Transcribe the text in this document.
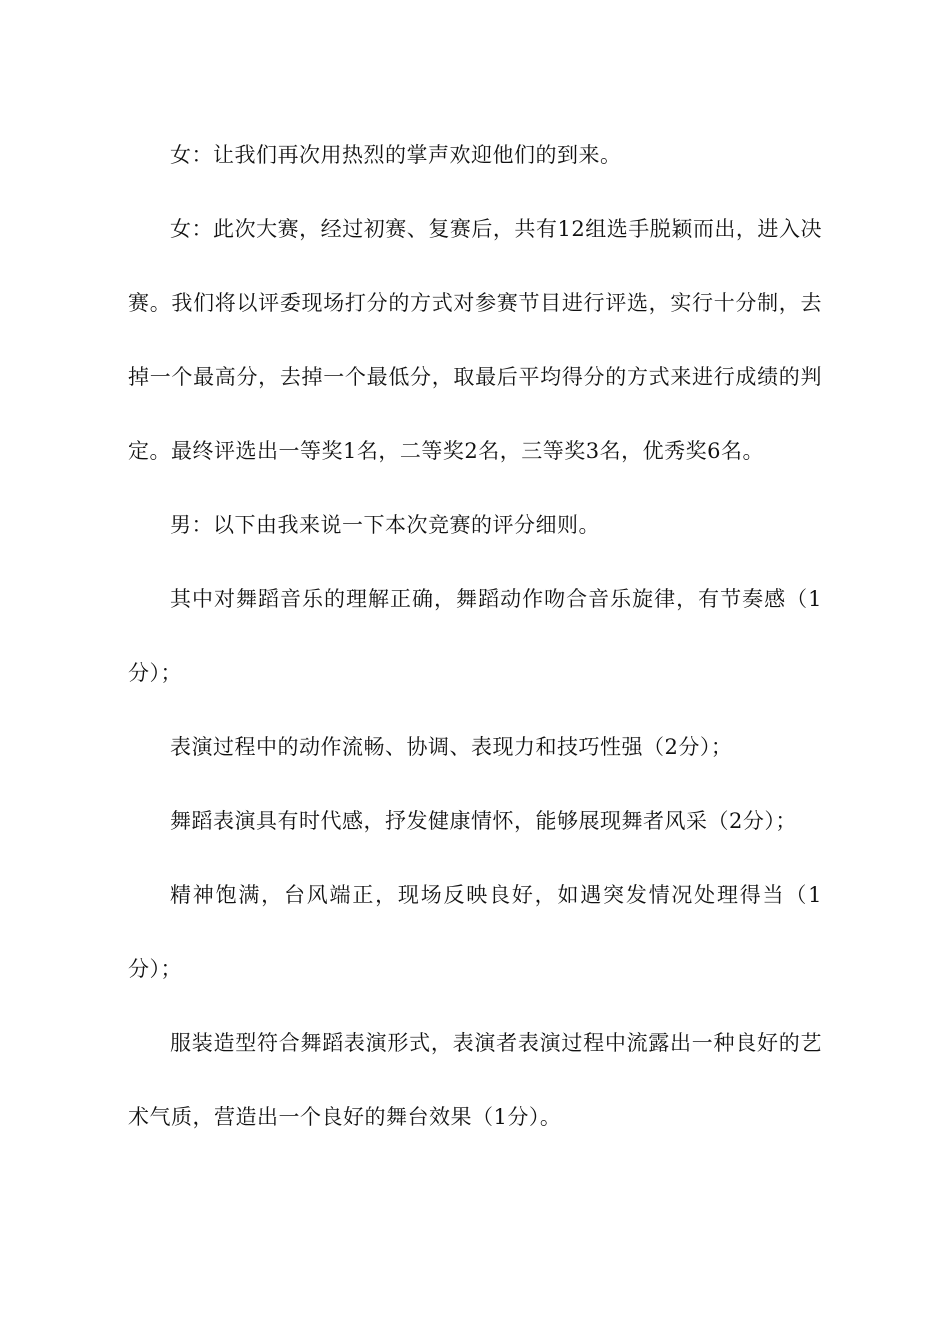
女：让我们再次用热烈的掌声欢迎他们的到来。

女：此次大赛，经过初赛、复赛后，共有12组选手脱颖而出，进入决赛。我们将以评委现场打分的方式对参赛节目进行评选，实行十分制，去掉一个最高分，去掉一个最低分，取最后平均得分的方式来进行成绩的判定。最终评选出一等奖1名，二等奖2名，三等奖3名，优秀奖6名。

男：以下由我来说一下本次竞赛的评分细则。

其中对舞蹈音乐的理解正确，舞蹈动作吻合音乐旋律，有节奏感（1分）；

表演过程中的动作流畅、协调、表现力和技巧性强（2分）；

舞蹈表演具有时代感，抒发健康情怀，能够展现舞者风采（2分）；

精神饱满，台风端正，现场反映良好，如遇突发情况处理得当（1分）；

服装造型符合舞蹈表演形式，表演者表演过程中流露出一种良好的艺术气质，营造出一个良好的舞台效果（1分）。
